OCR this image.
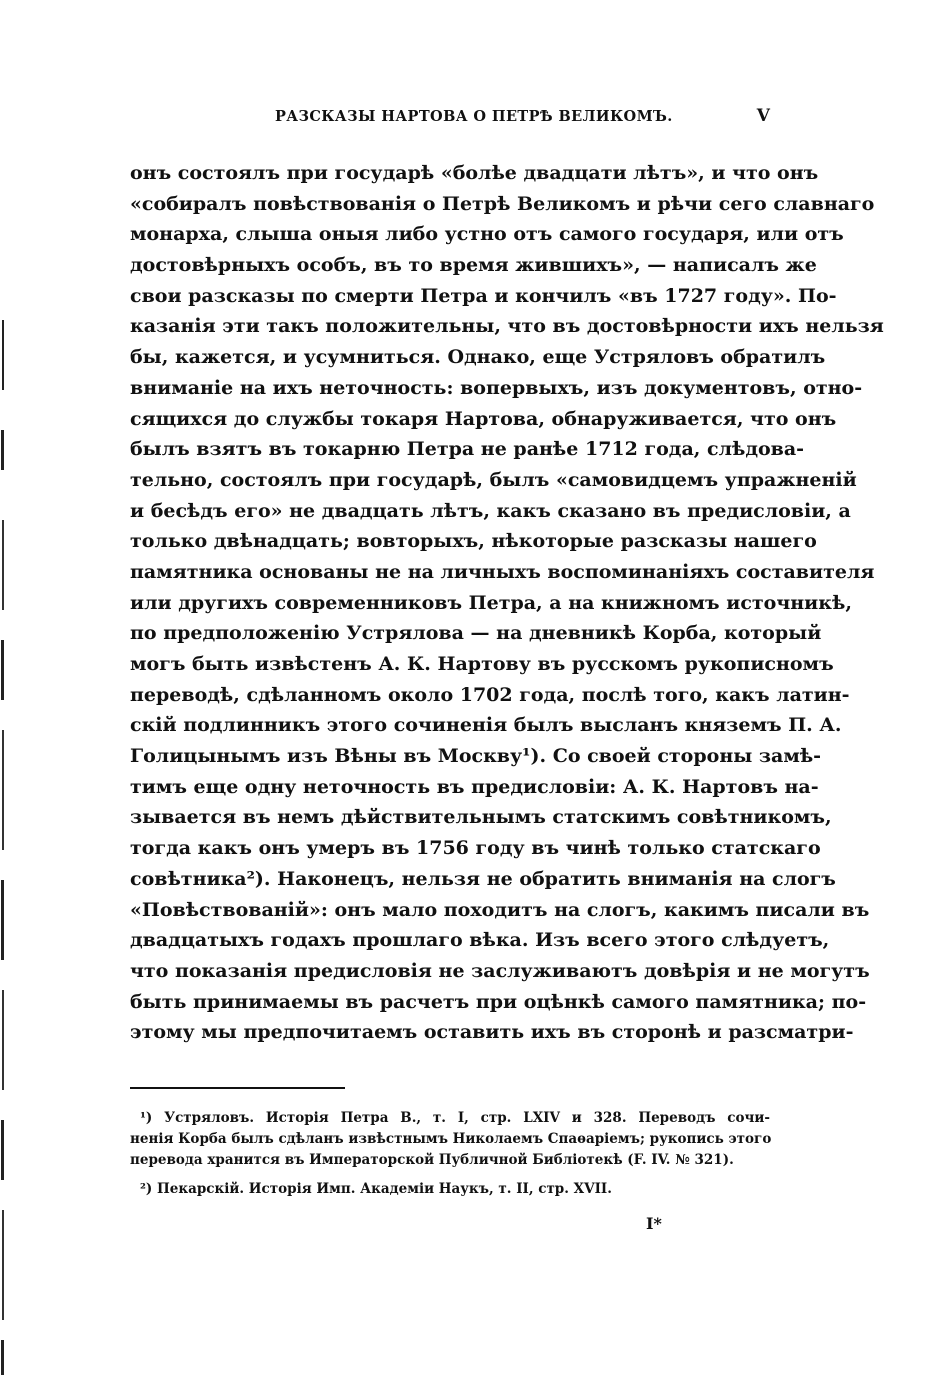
РАЗСКАЗЫ НАРТОВА О ПЕТРѢ ВЕЛИКОМЪ.	V
онъ состоялъ при государѣ «болѣе двадцати лѣтъ», и что онъ
«собиралъ повѣствованія о Петрѣ Великомъ и рѣчи сего славнаго
монарха, слыша оныя либо устно отъ самого государя, или отъ
достовѣрныхъ особъ, въ то время жившихъ», — написалъ же
свои разсказы по смерти Петра и кончилъ «въ 1727 году». По-
казанія эти такъ положительны, что въ достовѣрности ихъ нельзя
бы, кажется, и усумниться. Однако, еще Устряловъ обратилъ
вниманіе на ихъ неточность: вопервыхъ, изъ документовъ, отно-
сящихся до службы токаря Нартова, обнаруживается, что онъ
былъ взятъ въ токарню Петра не ранѣе 1712 года, слѣдова-
тельно, состоялъ при государѣ, былъ «самовидцемъ упражненій
и бесѣдъ его» не двадцать лѣтъ, какъ сказано въ предисловіи, а
только двѣнадцать; вовторыхъ, нѣкоторые разсказы нашего
памятника основаны не на личныхъ воспоминаніяхъ составителя
или другихъ современниковъ Петра, а на книжномъ источникѣ,
по предположенію Устрялова — на дневникѣ Корба, который
могъ быть извѣстенъ А. К. Нартову въ русскомъ рукописномъ
переводѣ, сдѣланномъ около 1702 года, послѣ того, какъ латин-
скій подлинникъ этого сочиненія былъ высланъ княземъ П. А.
Голицынымъ изъ Вѣны въ Москву¹). Со своей стороны замѣ-
тимъ еще одну неточность въ предисловіи: А. К. Нартовъ на-
зывается въ немъ дѣйствительнымъ статскимъ совѣтникомъ,
тогда какъ онъ умеръ въ 1756 году въ чинѣ только статскаго
совѣтника²). Наконецъ, нельзя не обратить вниманія на слогъ
«Повѣствованій»: онъ мало походитъ на слогъ, какимъ писали въ
двадцатыхъ годахъ прошлаго вѣка. Изъ всего этого слѣдуетъ,
что показанія предисловія не заслуживаютъ довѣрія и не могутъ
быть принимаемы въ расчетъ при оцѣнкѣ самого памятника; по-
этому мы предпочитаемъ оставить ихъ въ сторонѣ и разсматри-
¹) Устряловъ. Исторія Петра В., т. I, стр. LXIV и 328. Переводъ сочи-
ненія Корба былъ сдѣланъ извѣстнымъ Николаемъ Спаѳаріемъ; рукопись этого
перевода хранится въ Императорской Публичной Библіотекѣ (F. IV. № 321).
²) Пекарскій. Исторія Имп. Академіи Наукъ, т. II, стр. XVII.
I*
